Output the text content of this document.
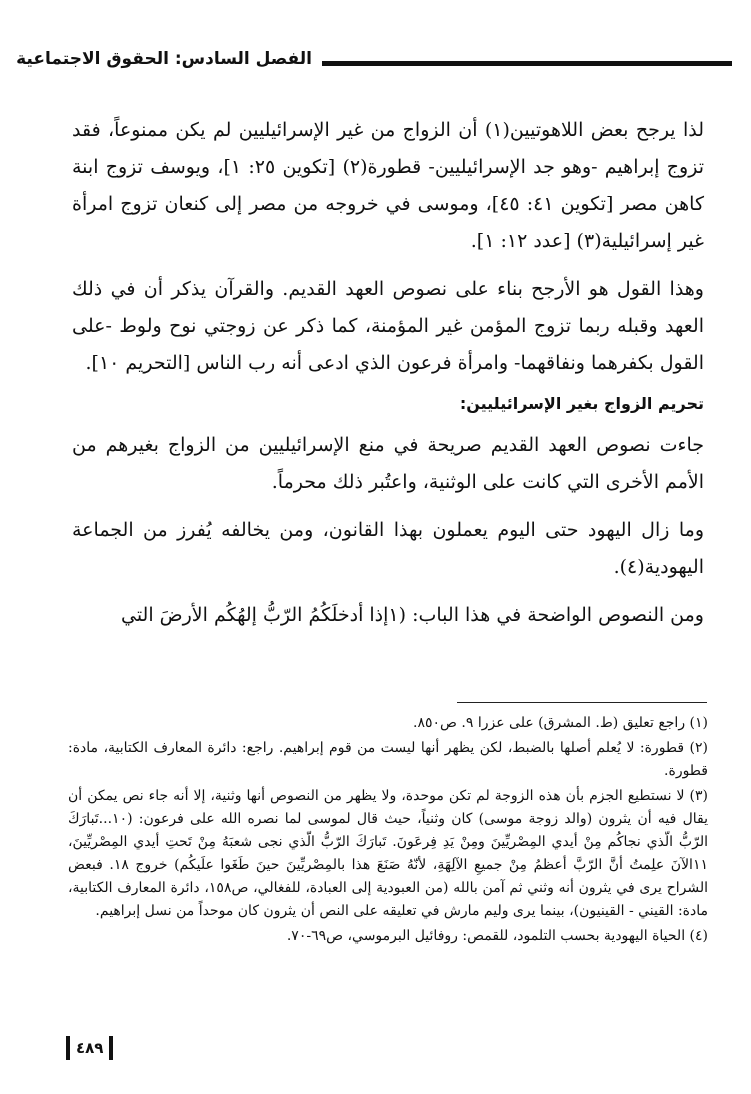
الفصل السادس: الحقوق الاجتماعية

لذا يرجح بعض اللاهوتيين(١) أن الزواج من غير الإسرائيليين لم يكن ممنوعاً، فقد تزوج إبراهيم -وهو جد الإسرائيليين- قطورة(٢) [تكوين ٢٥: ١]، ويوسف تزوج ابنة كاهن مصر [تكوين ٤١: ٤٥]، وموسى في خروجه من مصر إلى كنعان تزوج امرأة غير إسرائيلية(٣) [عدد ١٢: ١].

وهذا القول هو الأرجح بناء على نصوص العهد القديم. والقرآن يذكر أن في ذلك العهد وقبله ربما تزوج المؤمن غير المؤمنة، كما ذكر عن زوجتي نوح ولوط -على القول بكفرهما ونفاقهما- وامرأة فرعون الذي ادعى أنه رب الناس [التحريم ١٠].

تحريم الزواج بغير الإسرائيليين:

جاءت نصوص العهد القديم صريحة في منع الإسرائيليين من الزواج بغيرهم من الأمم الأخرى التي كانت على الوثنية، واعتُبر ذلك محرماً.

وما زال اليهود حتى اليوم يعملون بهذا القانون، ومن يخالفه يُفرز من الجماعة اليهودية(٤).

ومن النصوص الواضحة في هذا الباب: (١إذا أدخلَكُمُ الرّبُّ إلهُكُم الأرضَ التي

(١) راجع تعليق (ط. المشرق) على عزرا ٩. ص٨٥٠.

(٢) قطورة: لا يُعلم أصلها بالضبط، لكن يظهر أنها ليست من قوم إبراهيم. راجع: دائرة المعارف الكتابية، مادة: قطورة.

(٣) لا نستطيع الجزم بأن هذه الزوجة لم تكن موحدة، ولا يظهر من النصوص أنها وثنية، إلا أنه جاء نص يمكن أن يقال فيه أن يثرون (والد زوجة موسى) كان وثنياً، حيث قال لموسى لما نصره الله على فرعون: (١٠...تَبارَكَ الرّبُّ الّذي نجاكُم مِنْ أيدي المِصْريِّينَ ومِنْ يَدِ فِرعَونَ. تَبارَكَ الرّبُّ الّذي نجى شعبَهُ مِنْ تَحتِ أيدي المِصْريِّينَ، ١١الآنَ علِمتُ أنَّ الرّبَّ أعظمُ مِنْ جميعِ الآلِهَةِ، لأنّهُ صَنَعَ هذا بالمِصْريِّينَ حينَ طَغَوا علَيكُم) خروج ١٨. فبعض الشراح يرى في يثرون أنه وثني ثم آمن بالله (من العبودية إلى العبادة، للفغالي، ص١٥٨، دائرة المعارف الكتابية، مادة: القيني - القينيون)، بينما يرى وليم مارش في تعليقه على النص أن يثرون كان موحداً من نسل إبراهيم.

(٤) الحياة اليهودية بحسب التلمود، للقمص: روفائيل البرموسي، ص٦٩-٧٠.

٤٨٩
